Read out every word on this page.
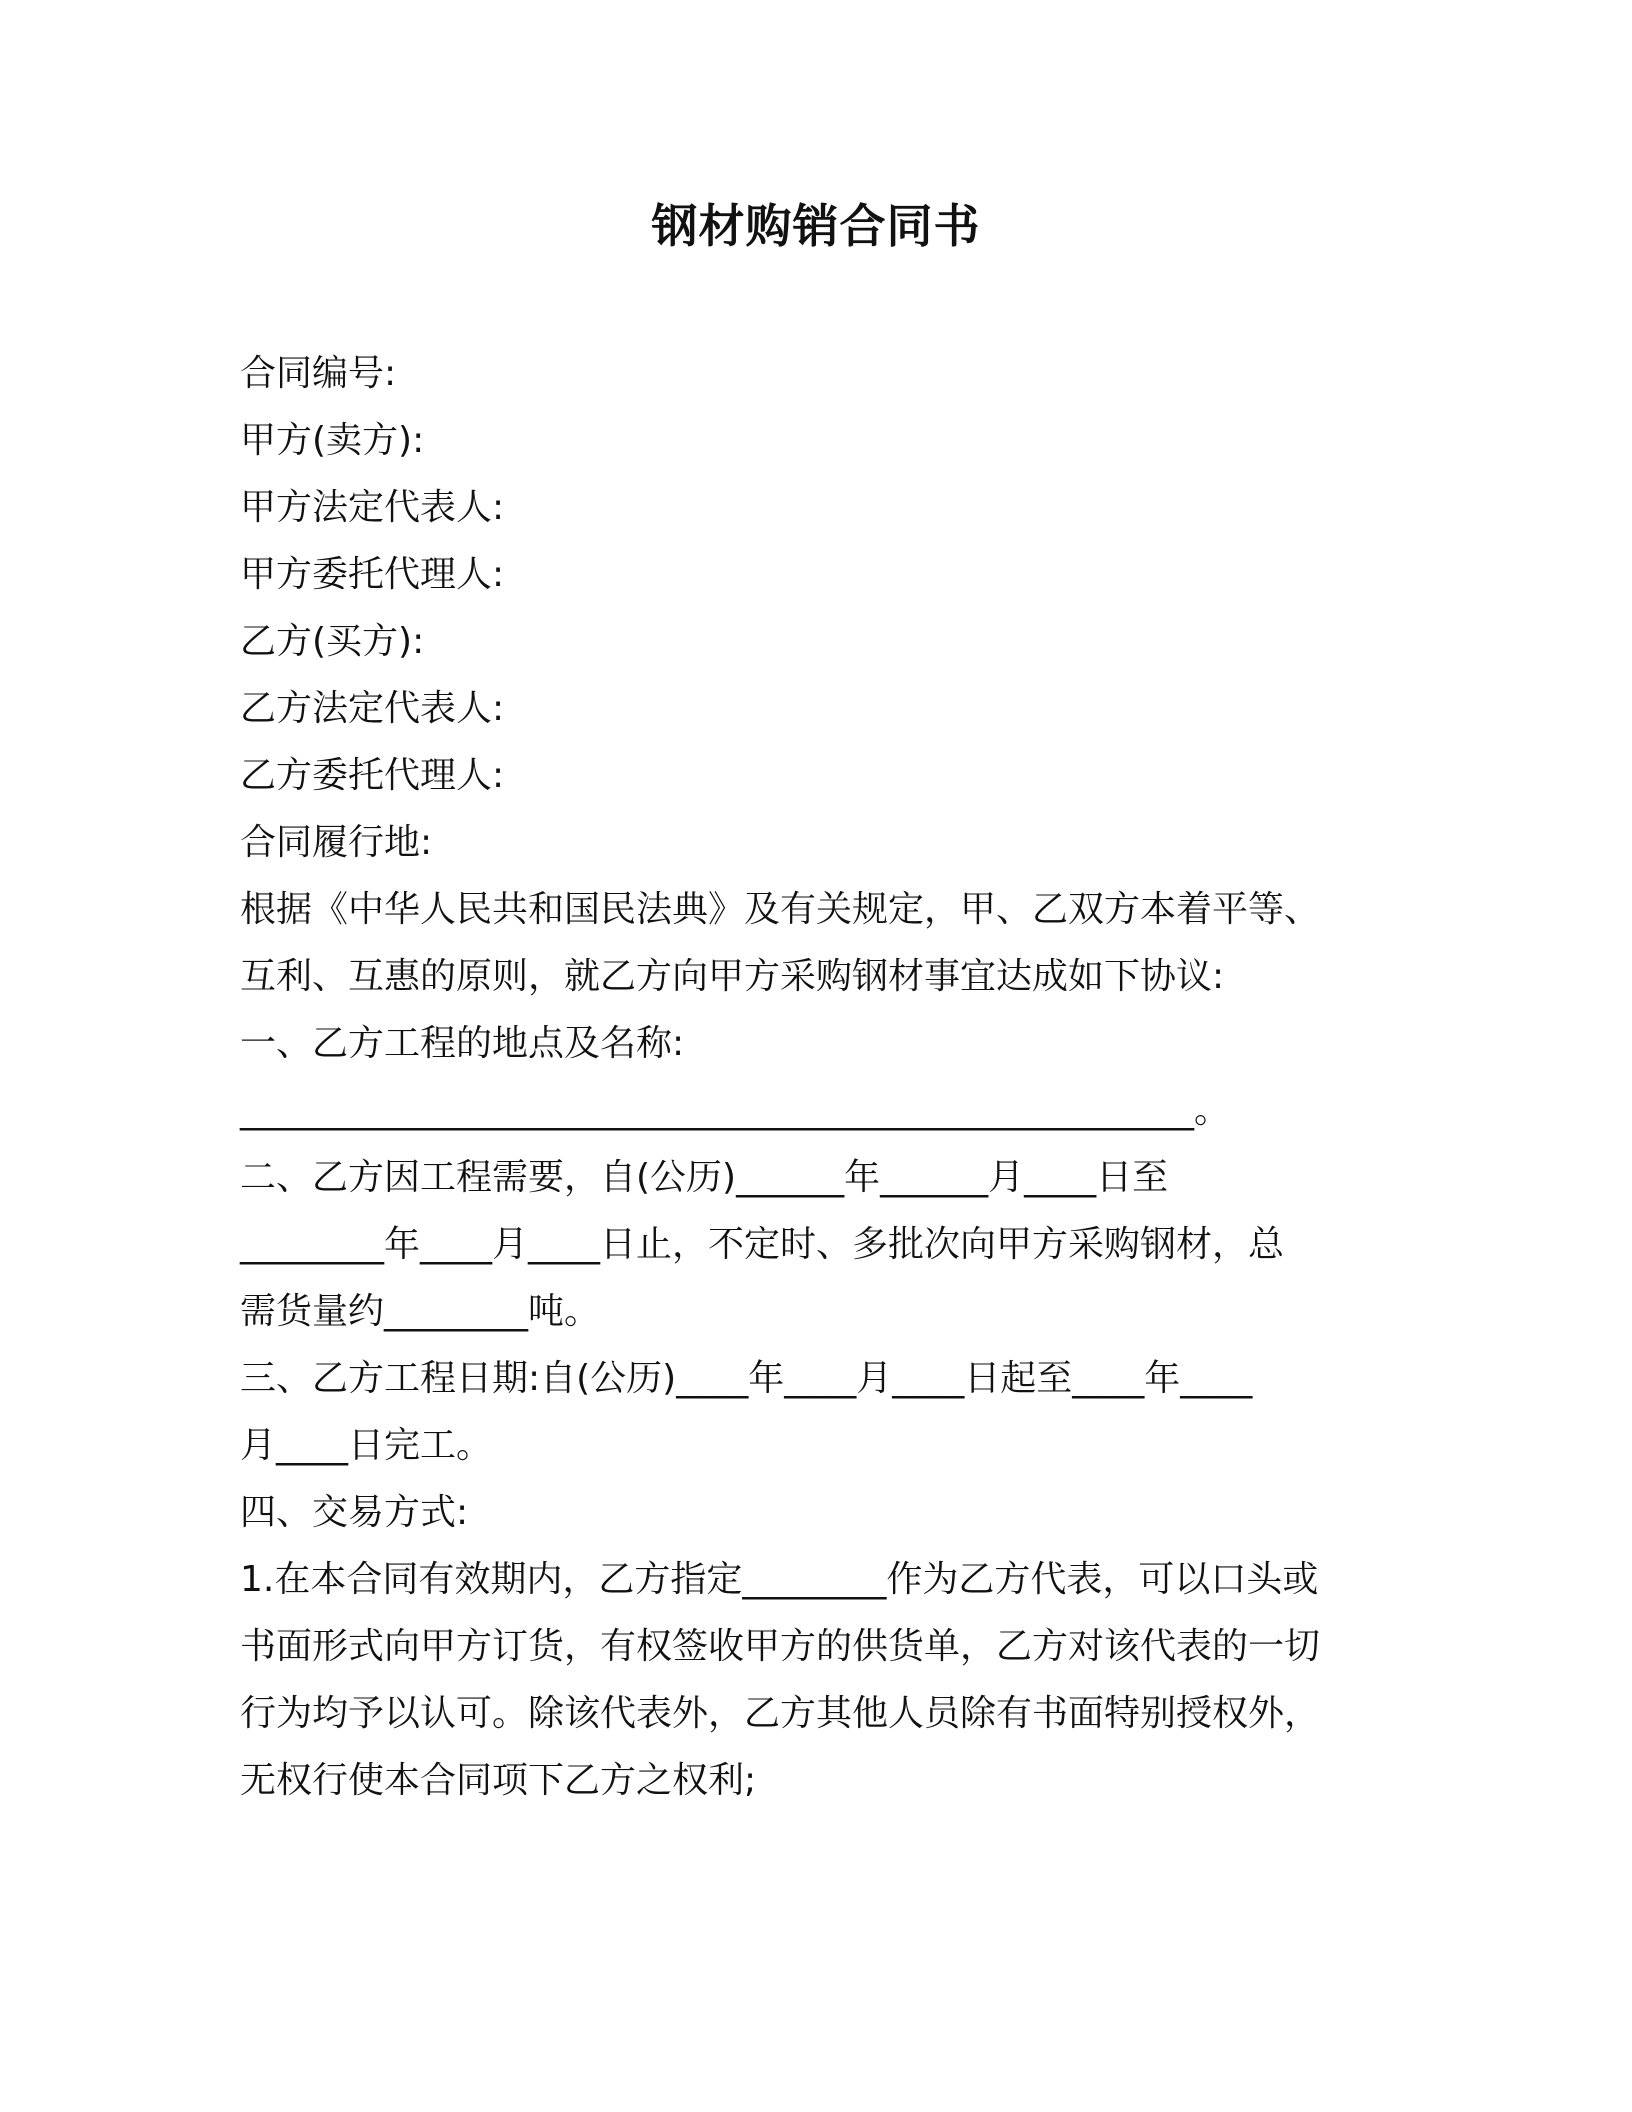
钢材购销合同书
合同编号:
甲方(卖方):
甲方法定代表人:
甲方委托代理人:
乙方(买方):
乙方法定代表人:
乙方委托代理人:
合同履行地:
根据《中华人民共和国民法典》及有关规定，甲、乙双方本着平等、
互利、互惠的原则，就乙方向甲方采购钢材事宜达成如下协议:
一、乙方工程的地点及名称:
_____________________________________________________。
二、乙方因工程需要，自(公历)______年______月____日至
________年____月____日止，不定时、多批次向甲方采购钢材，总
需货量约________吨。
三、乙方工程日期:自(公历)____年____月____日起至____年____
月____日完工。
四、交易方式:
1.在本合同有效期内，乙方指定________作为乙方代表，可以口头或
书面形式向甲方订货，有权签收甲方的供货单，乙方对该代表的一切
行为均予以认可。除该代表外，乙方其他人员除有书面特别授权外，
无权行使本合同项下乙方之权利;
